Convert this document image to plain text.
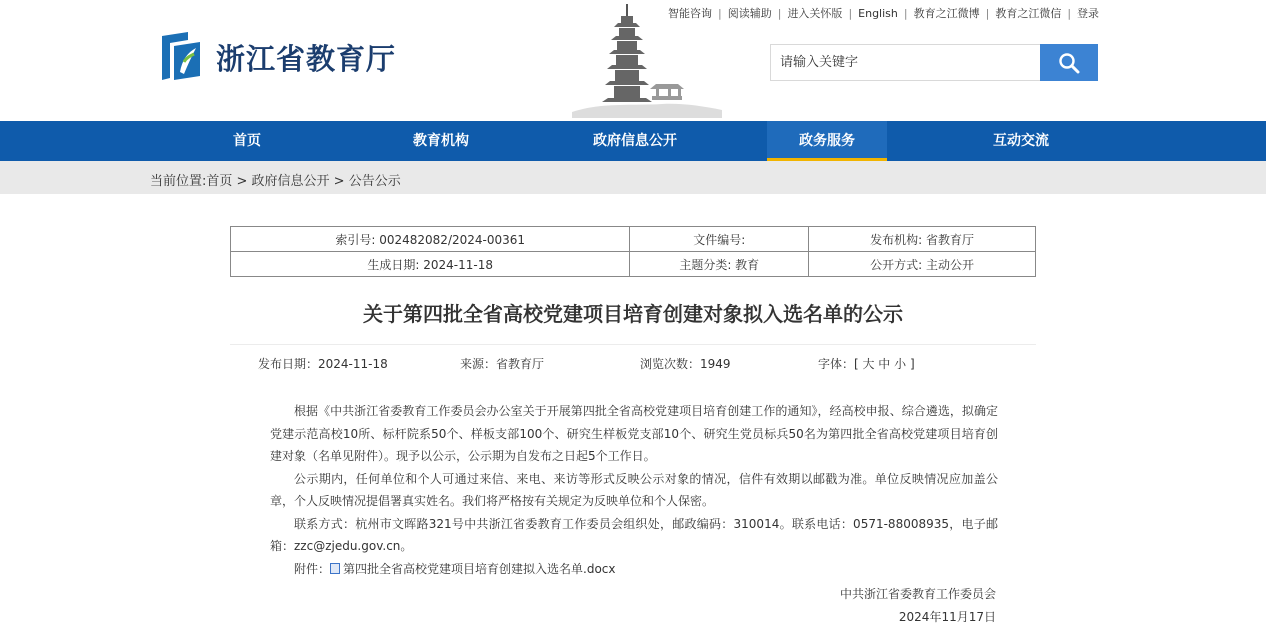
浙江省教育厅
智能咨询 | 阅读辅助 | 进入关怀版 | English | 教育之江微博 | 教育之江微信 | 登录
请输入关键字
首页	教育机构	政府信息公开	政务服务	互动交流
当前位置:首页 > 政府信息公开 > 公告公示
索引号: 002482082/2024-00361	文件编号:	发布机构: 省教育厅
生成日期: 2024-11-18	主题分类: 教育	公开方式: 主动公开
关于第四批全省高校党建项目培育创建对象拟入选名单的公示
发布日期：2024-11-18	来源：省教育厅	浏览次数：1949	字体：[ 大 中 小 ]

根据《中共浙江省委教育工作委员会办公室关于开展第四批全省高校党建项目培育创建工作的通知》，经高校申报、综合遴选，拟确定党建示范高校10所、标杆院系50个、样板支部100个、研究生样板党支部10个、研究生党员标兵50名为第四批全省高校党建项目培育创建对象（名单见附件）。现予以公示，公示期为自发布之日起5个工作日。

公示期内，任何单位和个人可通过来信、来电、来访等形式反映公示对象的情况，信件有效期以邮戳为准。单位反映情况应加盖公章，个人反映情况提倡署真实姓名。我们将严格按有关规定为反映单位和个人保密。

联系方式：杭州市文晖路321号中共浙江省委教育工作委员会组织处，邮政编码：310014。联系电话：0571-88008935，电子邮箱：zzc@zjedu.gov.cn。

附件： 第四批全省高校党建项目培育创建拟入选名单.docx

中共浙江省委教育工作委员会
2024年11月17日
